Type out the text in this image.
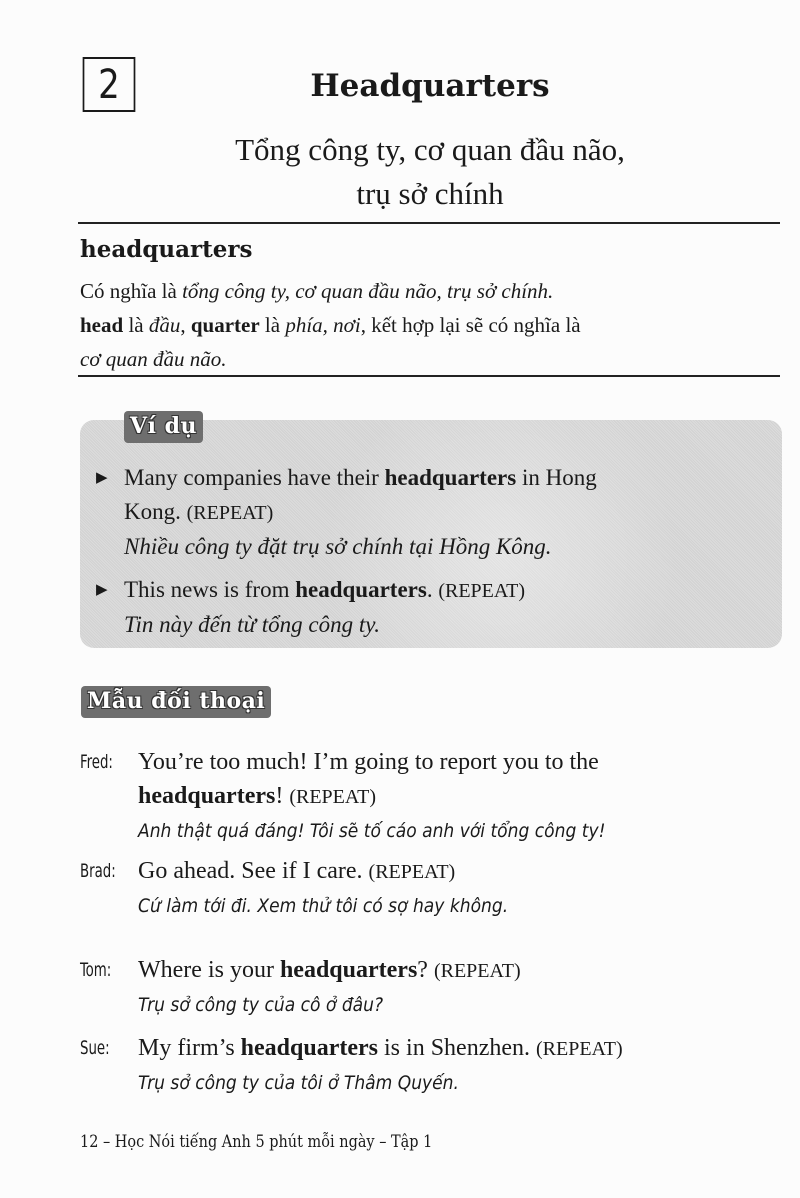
2	Headquarters
Tổng công ty, cơ quan đầu não,
trụ sở chính
headquarters
Có nghĩa là tổng công ty, cơ quan đầu não, trụ sở chính.
head là đầu, quarter là phía, nơi, kết hợp lại sẽ có nghĩa là
cơ quan đầu não.
Ví dụ
▶ Many companies have their headquarters in Hong
Kong. (REPEAT)
Nhiều công ty đặt trụ sở chính tại Hồng Kông.
▶ This news is from headquarters. (REPEAT)
Tin này đến từ tổng công ty.
Mẫu đối thoại
Fred: You’re too much! I’m going to report you to the
headquarters! (REPEAT)
Anh thật quá đáng! Tôi sẽ tố cáo anh với tổng công ty!
Brad: Go ahead. See if I care. (REPEAT)
Cứ làm tới đi. Xem thử tôi có sợ hay không.
Tom: Where is your headquarters? (REPEAT)
Trụ sở công ty của cô ở đâu?
Sue: My firm’s headquarters is in Shenzhen. (REPEAT)
Trụ sở công ty của tôi ở Thâm Quyến.
12 – Học Nói tiếng Anh 5 phút mỗi ngày – Tập 1
